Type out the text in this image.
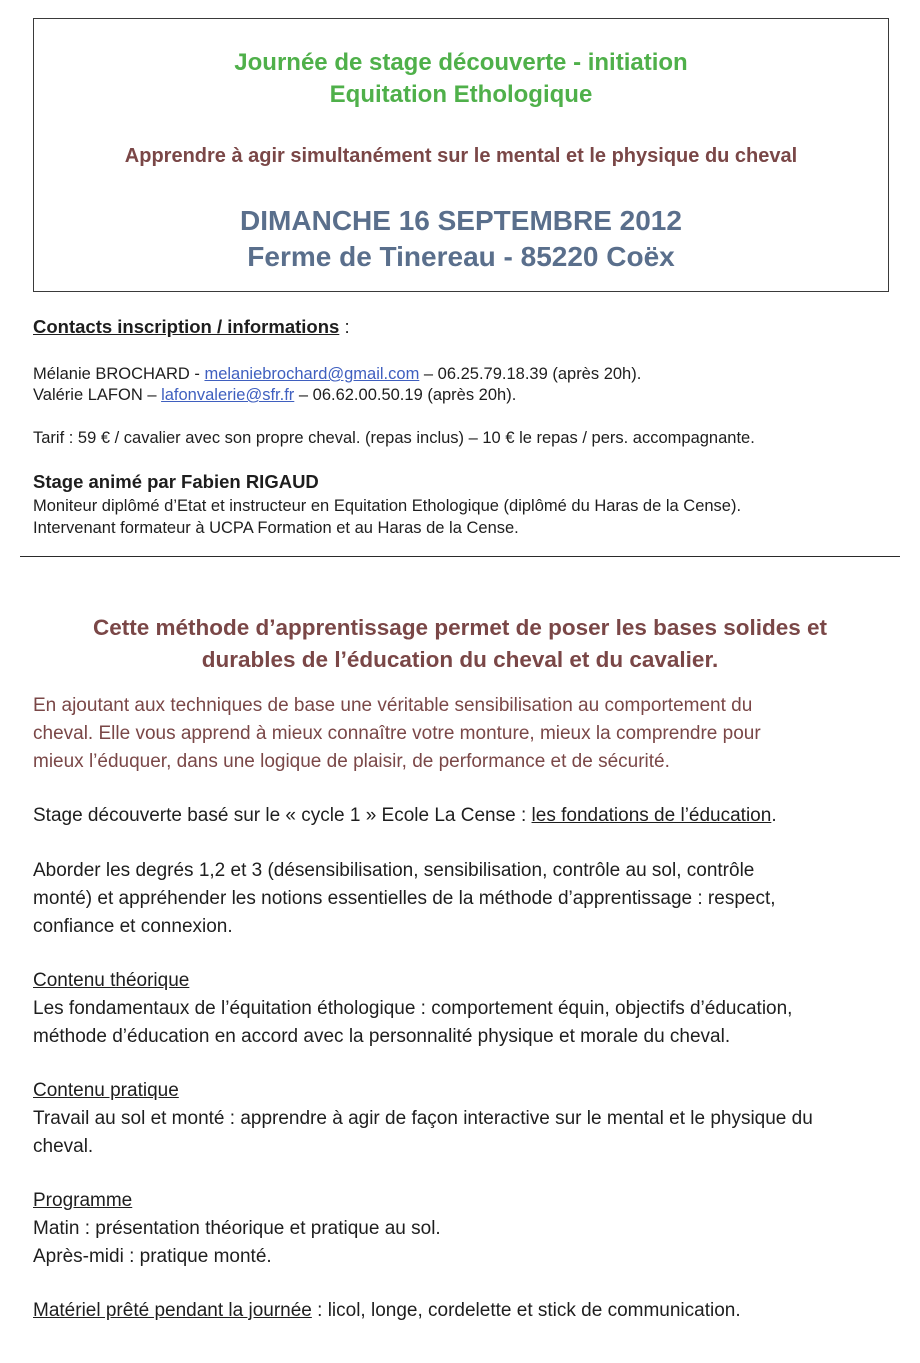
Journée de stage découverte - initiation
Equitation Ethologique
Apprendre à agir simultanément sur le mental et le physique du cheval
DIMANCHE 16 SEPTEMBRE 2012
Ferme de Tinereau - 85220 Coëx
Contacts inscription / informations :
Mélanie BROCHARD - melaniebrochard@gmail.com – 06.25.79.18.39 (après 20h).
Valérie LAFON – lafonvalerie@sfr.fr – 06.62.00.50.19 (après 20h).
Tarif : 59 € / cavalier avec son propre cheval. (repas inclus) – 10 € le repas / pers. accompagnante.
Stage animé par Fabien RIGAUD
Moniteur diplômé d’Etat et instructeur en Equitation Ethologique (diplômé du Haras de la Cense).
Intervenant formateur à UCPA Formation et au Haras de la Cense.
Cette méthode d’apprentissage permet de poser les bases solides et
durables de l’éducation du cheval et du cavalier.
En ajoutant aux techniques de base une véritable sensibilisation au comportement du
cheval. Elle vous apprend à mieux connaître votre monture, mieux la comprendre pour
mieux l’éduquer, dans une logique de plaisir, de performance et de sécurité.
Stage découverte basé sur le « cycle 1 » Ecole La Cense : les fondations de l’éducation.
Aborder les degrés 1,2 et 3 (désensibilisation, sensibilisation, contrôle au sol, contrôle
monté) et appréhender les notions essentielles de la méthode d’apprentissage : respect,
confiance et connexion.
Contenu théorique
Les fondamentaux de l’équitation éthologique : comportement équin, objectifs d’éducation,
méthode d’éducation en accord avec la personnalité physique et morale du cheval.
Contenu pratique
Travail au sol et monté : apprendre à agir de façon interactive sur le mental et le physique du
cheval.
Programme
Matin : présentation théorique et pratique au sol.
Après-midi : pratique monté.
Matériel prêté pendant la journée : licol, longe, cordelette et stick de communication.
